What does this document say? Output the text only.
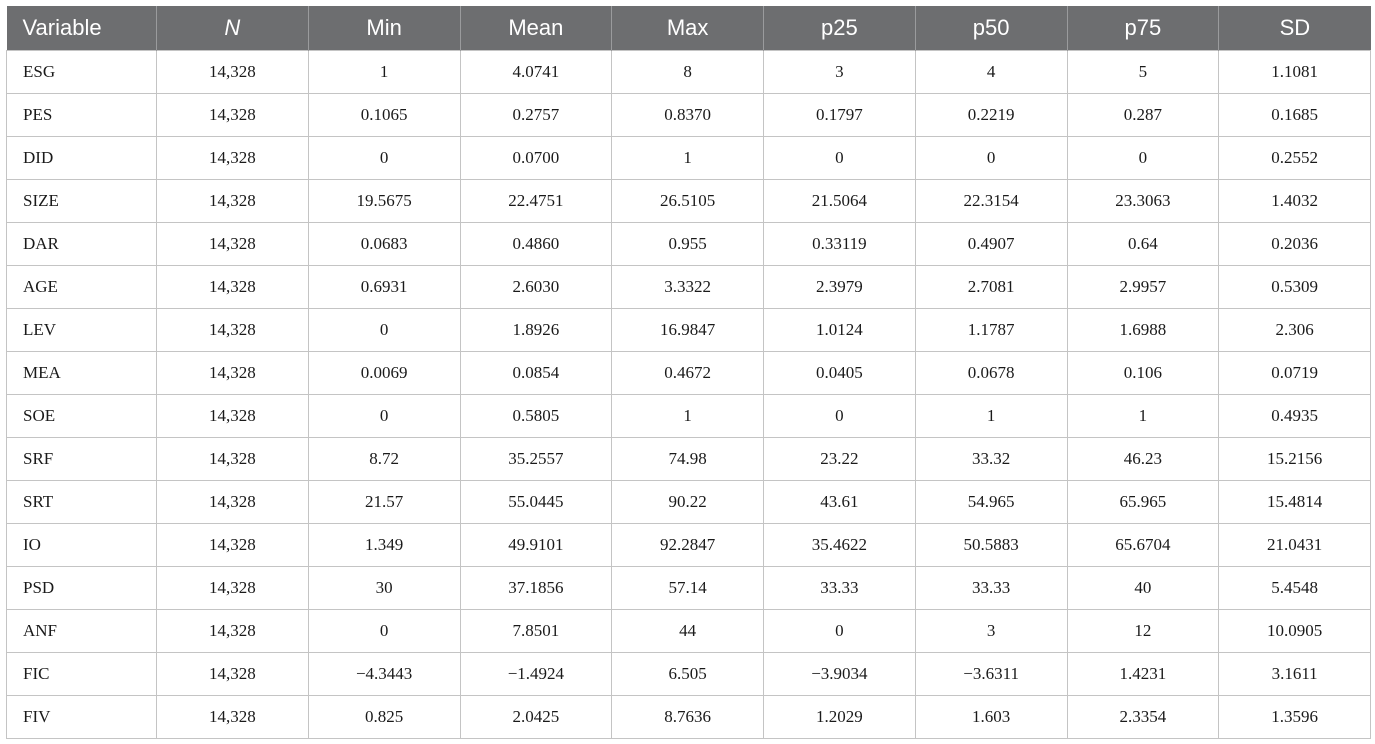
Variable	N	Min	Mean	Max	p25	p50	p75	SD
ESG	14,328	1	4.0741	8	3	4	5	1.1081
PES	14,328	0.1065	0.2757	0.8370	0.1797	0.2219	0.287	0.1685
DID	14,328	0	0.0700	1	0	0	0	0.2552
SIZE	14,328	19.5675	22.4751	26.5105	21.5064	22.3154	23.3063	1.4032
DAR	14,328	0.0683	0.4860	0.955	0.33119	0.4907	0.64	0.2036
AGE	14,328	0.6931	2.6030	3.3322	2.3979	2.7081	2.9957	0.5309
LEV	14,328	0	1.8926	16.9847	1.0124	1.1787	1.6988	2.306
MEA	14,328	0.0069	0.0854	0.4672	0.0405	0.0678	0.106	0.0719
SOE	14,328	0	0.5805	1	0	1	1	0.4935
SRF	14,328	8.72	35.2557	74.98	23.22	33.32	46.23	15.2156
SRT	14,328	21.57	55.0445	90.22	43.61	54.965	65.965	15.4814
IO	14,328	1.349	49.9101	92.2847	35.4622	50.5883	65.6704	21.0431
PSD	14,328	30	37.1856	57.14	33.33	33.33	40	5.4548
ANF	14,328	0	7.8501	44	0	3	12	10.0905
FIC	14,328	−4.3443	−1.4924	6.505	−3.9034	−3.6311	1.4231	3.1611
FIV	14,328	0.825	2.0425	8.7636	1.2029	1.603	2.3354	1.3596
